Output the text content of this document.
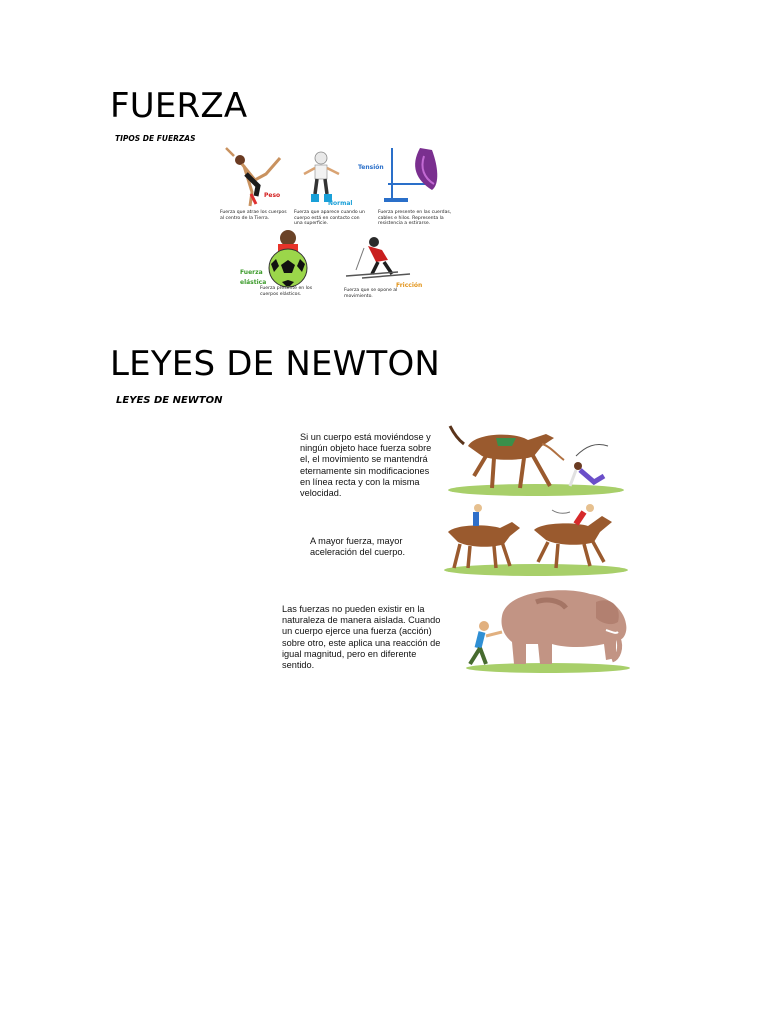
FUERZA
TIPOS DE FUERZAS
Peso
Fuerza que atrae los cuerpos al centro de la Tierra.
Normal
Fuerza que aparece cuando un cuerpo está en contacto con una superficie.
Tensión
Fuerza presente en las cuerdas, cables e hilos. Representa la resistencia a estirarse.
Fuerza elástica
Fuerza presente en los cuerpos elásticos.
Fricción
Fuerza que se opone al movimiento.
LEYES DE NEWTON
LEYES DE NEWTON
Si un cuerpo está moviéndose y ningún objeto hace fuerza sobre el, el movimiento se mantendrá eternamente sin modificaciones en línea recta y con la misma velocidad.
A mayor fuerza, mayor aceleración del cuerpo.
Las fuerzas no pueden existir en la naturaleza de manera aislada. Cuando un cuerpo ejerce una fuerza (acción) sobre otro, este aplica una reacción de igual magnitud, pero en diferente sentido.
